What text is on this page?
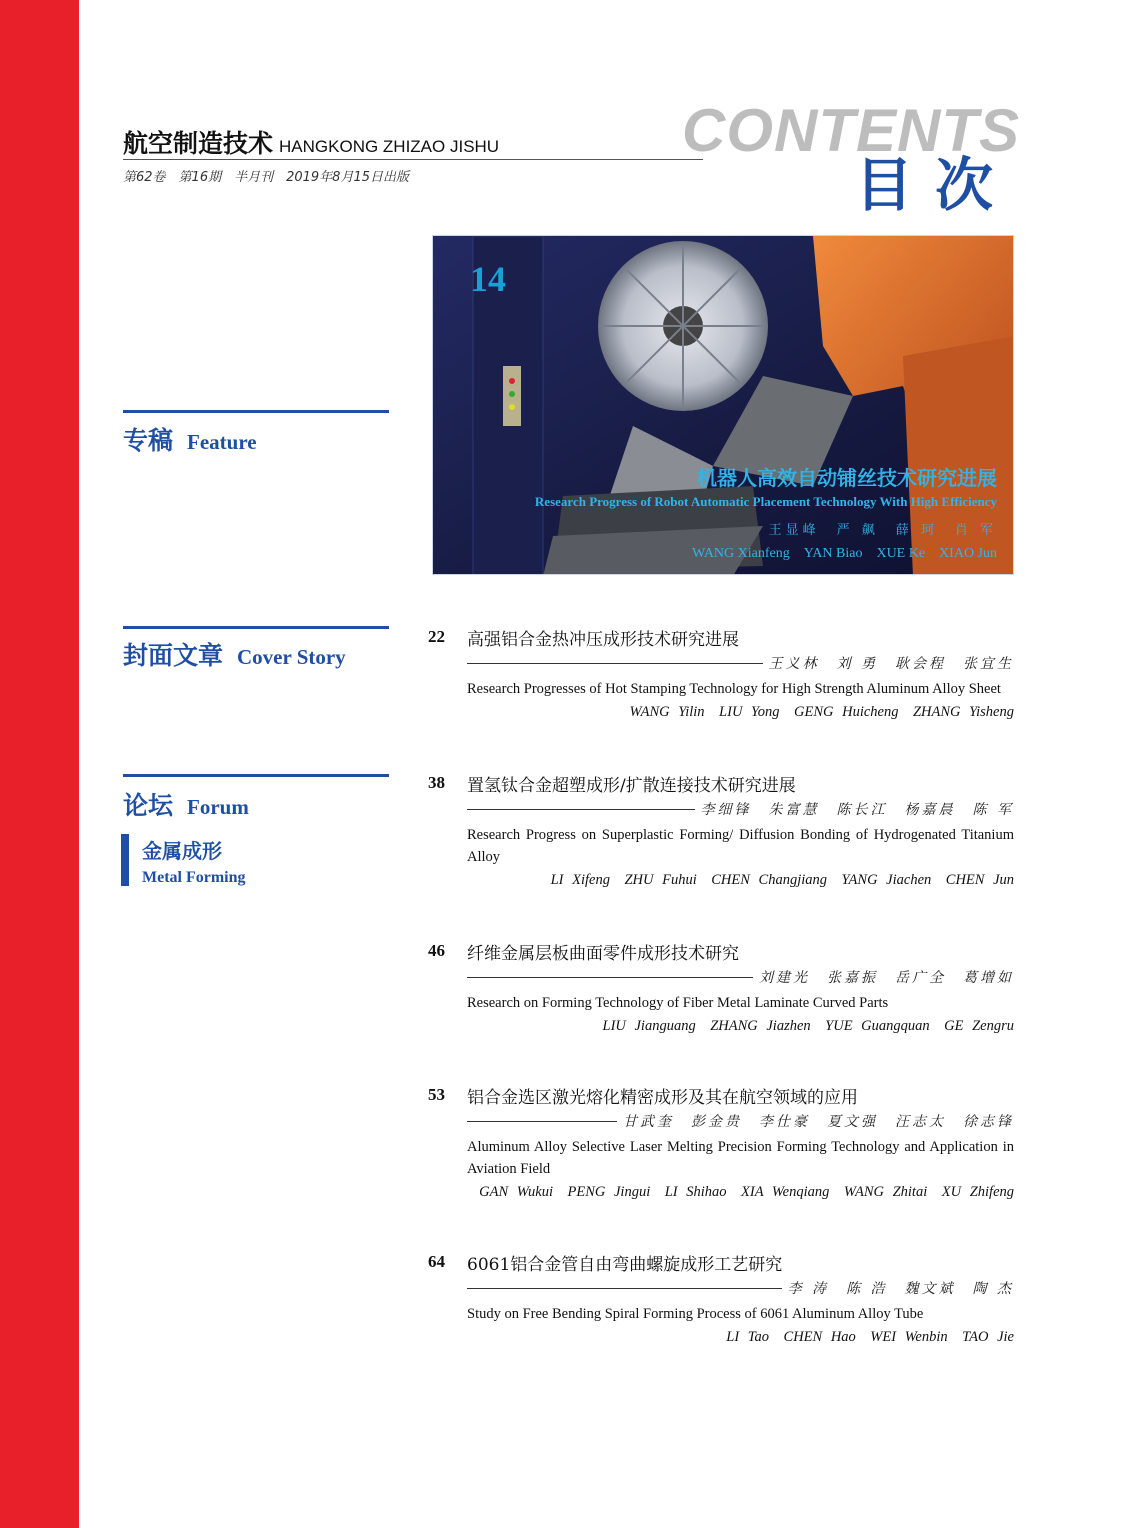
航空制造技术 HANGKONG ZHIZAO JISHU
第62卷　第16期　半月刊　2019年8月15日出版
CONTENTS
目次
14
机器人高效自动铺丝技术研究进展
Research Progress of Robot Automatic Placement Technology With High Efficiency
王显峰　严 飙　薛 珂　肖 军
WANG Xianfeng　YAN Biao　XUE Ke　XIAO Jun
专稿 Feature
封面文章 Cover Story
论坛 Forum
金属成形
Metal Forming
22 高强铝合金热冲压成形技术研究进展
王义林　刘 勇　耿会程　张宜生
Research Progresses of Hot Stamping Technology for High Strength Aluminum Alloy Sheet
WANG Yilin　LIU Yong　GENG Huicheng　ZHANG Yisheng
38 置氢钛合金超塑成形/扩散连接技术研究进展
李细锋　朱富慧　陈长江　杨嘉晨　陈 军
Research Progress on Superplastic Forming/ Diffusion Bonding of Hydrogenated Titanium Alloy
LI Xifeng　ZHU Fuhui　CHEN Changjiang　YANG Jiachen　CHEN Jun
46 纤维金属层板曲面零件成形技术研究
刘建光　张嘉振　岳广全　葛增如
Research on Forming Technology of Fiber Metal Laminate Curved Parts
LIU Jianguang　ZHANG Jiazhen　YUE Guangquan　GE Zengru
53 铝合金选区激光熔化精密成形及其在航空领域的应用
甘武奎　彭金贵　李仕豪　夏文强　汪志太　徐志锋
Aluminum Alloy Selective Laser Melting Precision Forming Technology and Application in Aviation Field
GAN Wukui　PENG Jingui　LI Shihao　XIA Wenqiang　WANG Zhitai　XU Zhifeng
64 6061铝合金管自由弯曲螺旋成形工艺研究
李 涛　陈 浩　魏文斌　陶 杰
Study on Free Bending Spiral Forming Process of 6061 Aluminum Alloy Tube
LI Tao　CHEN Hao　WEI Wenbin　TAO Jie
